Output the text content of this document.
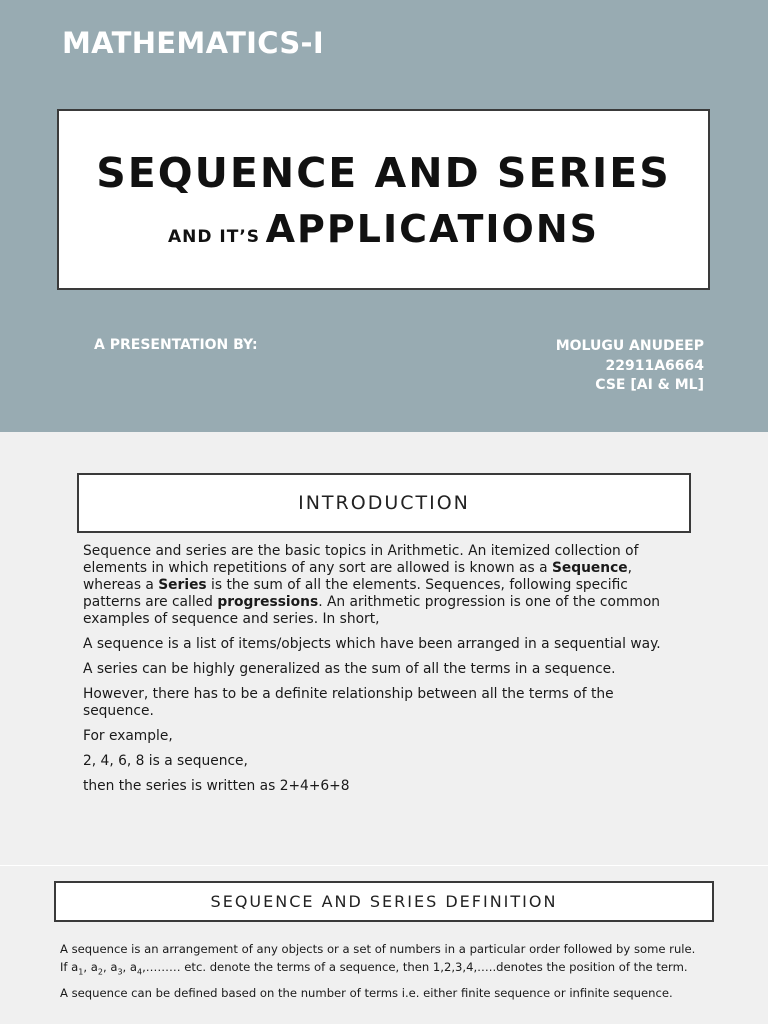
MATHEMATICS-I
SEQUENCE AND SERIES
AND IT’S APPLICATIONS
A PRESENTATION BY:	MOLUGU ANUDEEP
22911A6664
CSE [AI & ML]
INTRODUCTION

Sequence and series are the basic topics in Arithmetic. An itemized collection of elements in which repetitions of any sort are allowed is known as a Sequence, whereas a Series is the sum of all the elements. Sequences, following specific patterns are called progressions. An arithmetic progression is one of the common examples of sequence and series. In short,

A sequence is a list of items/objects which have been arranged in a sequential way.

A series can be highly generalized as the sum of all the terms in a sequence.

However, there has to be a definite relationship between all the terms of the sequence.

For example,

2, 4, 6, 8 is a sequence,

then the series is written as 2+4+6+8

SEQUENCE AND SERIES DEFINITION

A sequence is an arrangement of any objects or a set of numbers in a particular order followed by some rule. If $a_1$, $a_2$, $a_3$, $a_4,\dots\dots\dots$ etc. denote the terms of a sequence, then 1,2,3,4,…..denotes the position of the term.

A sequence can be defined based on the number of terms i.e. either finite sequence or infinite sequence.
